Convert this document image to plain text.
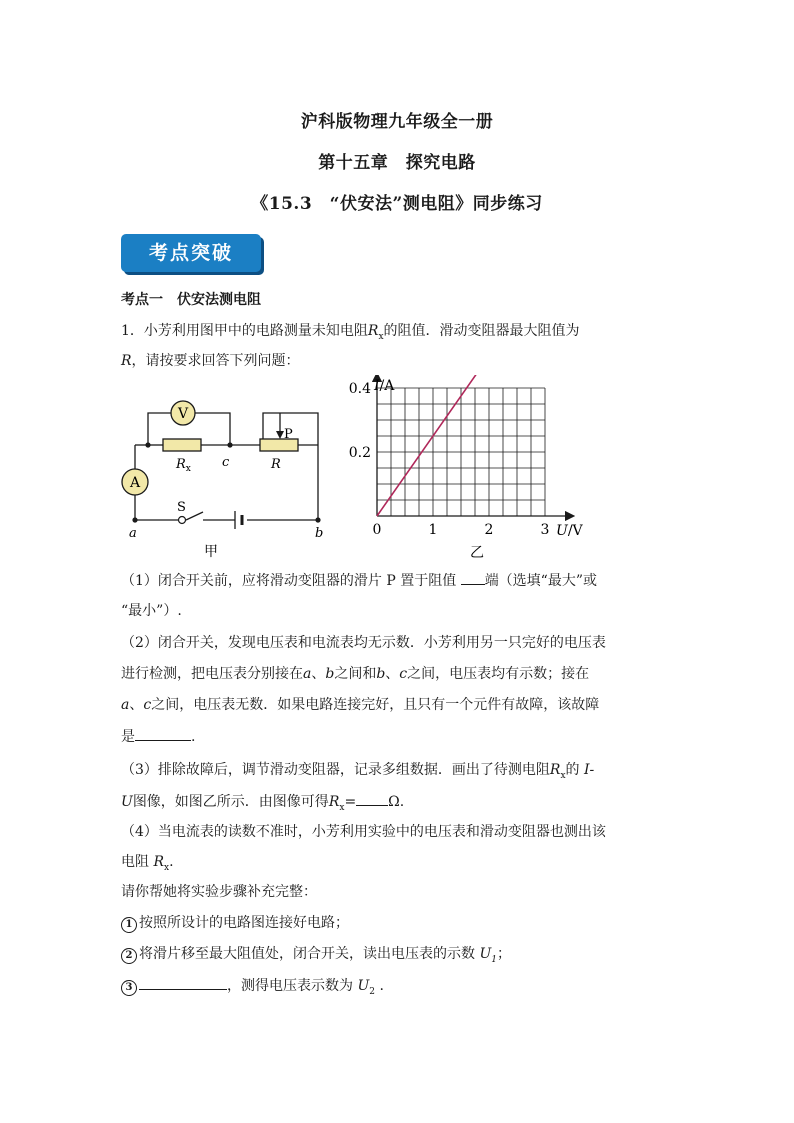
沪科版物理九年级全一册
第十五章　探究电路
《15.3　“伏安法”测电阻》同步练习
考点突破
考点一　伏安法测电阻
1．小芳利用图甲中的电路测量未知电阻$R_x$的阻值．滑动变阻器最大阻值为
R，请按要求回答下列问题：
V
A
$R_x$ c	R
P
S
a	b
甲
0	1	2	3
0.2
0.4 I/A
U/V
乙
（1）闭合开关前，应将滑动变阻器的滑片 P 置于阻值 端（选填“最大”或
“最小”）.
（2）闭合开关，发现电压表和电流表均无示数．小芳利用另一只完好的电压表
进行检测，把电压表分别接在a、b之间和b、c之间，电压表均有示数；接在
a、c之间，电压表无数．如果电路连接完好，且只有一个元件有故障，该故障
是	.
（3）排除故障后，调节滑动变阻器，记录多组数据．画出了待测电阻$R_x$的 I-
U图像，如图乙所示．由图像可得$R_x= \Omega$.
（4）当电流表的读数不准时，小芳利用实验中的电压表和滑动变阻器也测出该
电阻 $R_x$.
请你帮她将实验步骤补充完整：
1 按照所设计的电路图连接好电路；
2 将滑片移至最大阻值处，闭合开关，读出电压表的示数 $U_1$；
3	，测得电压表示数为 $U_2$ .
